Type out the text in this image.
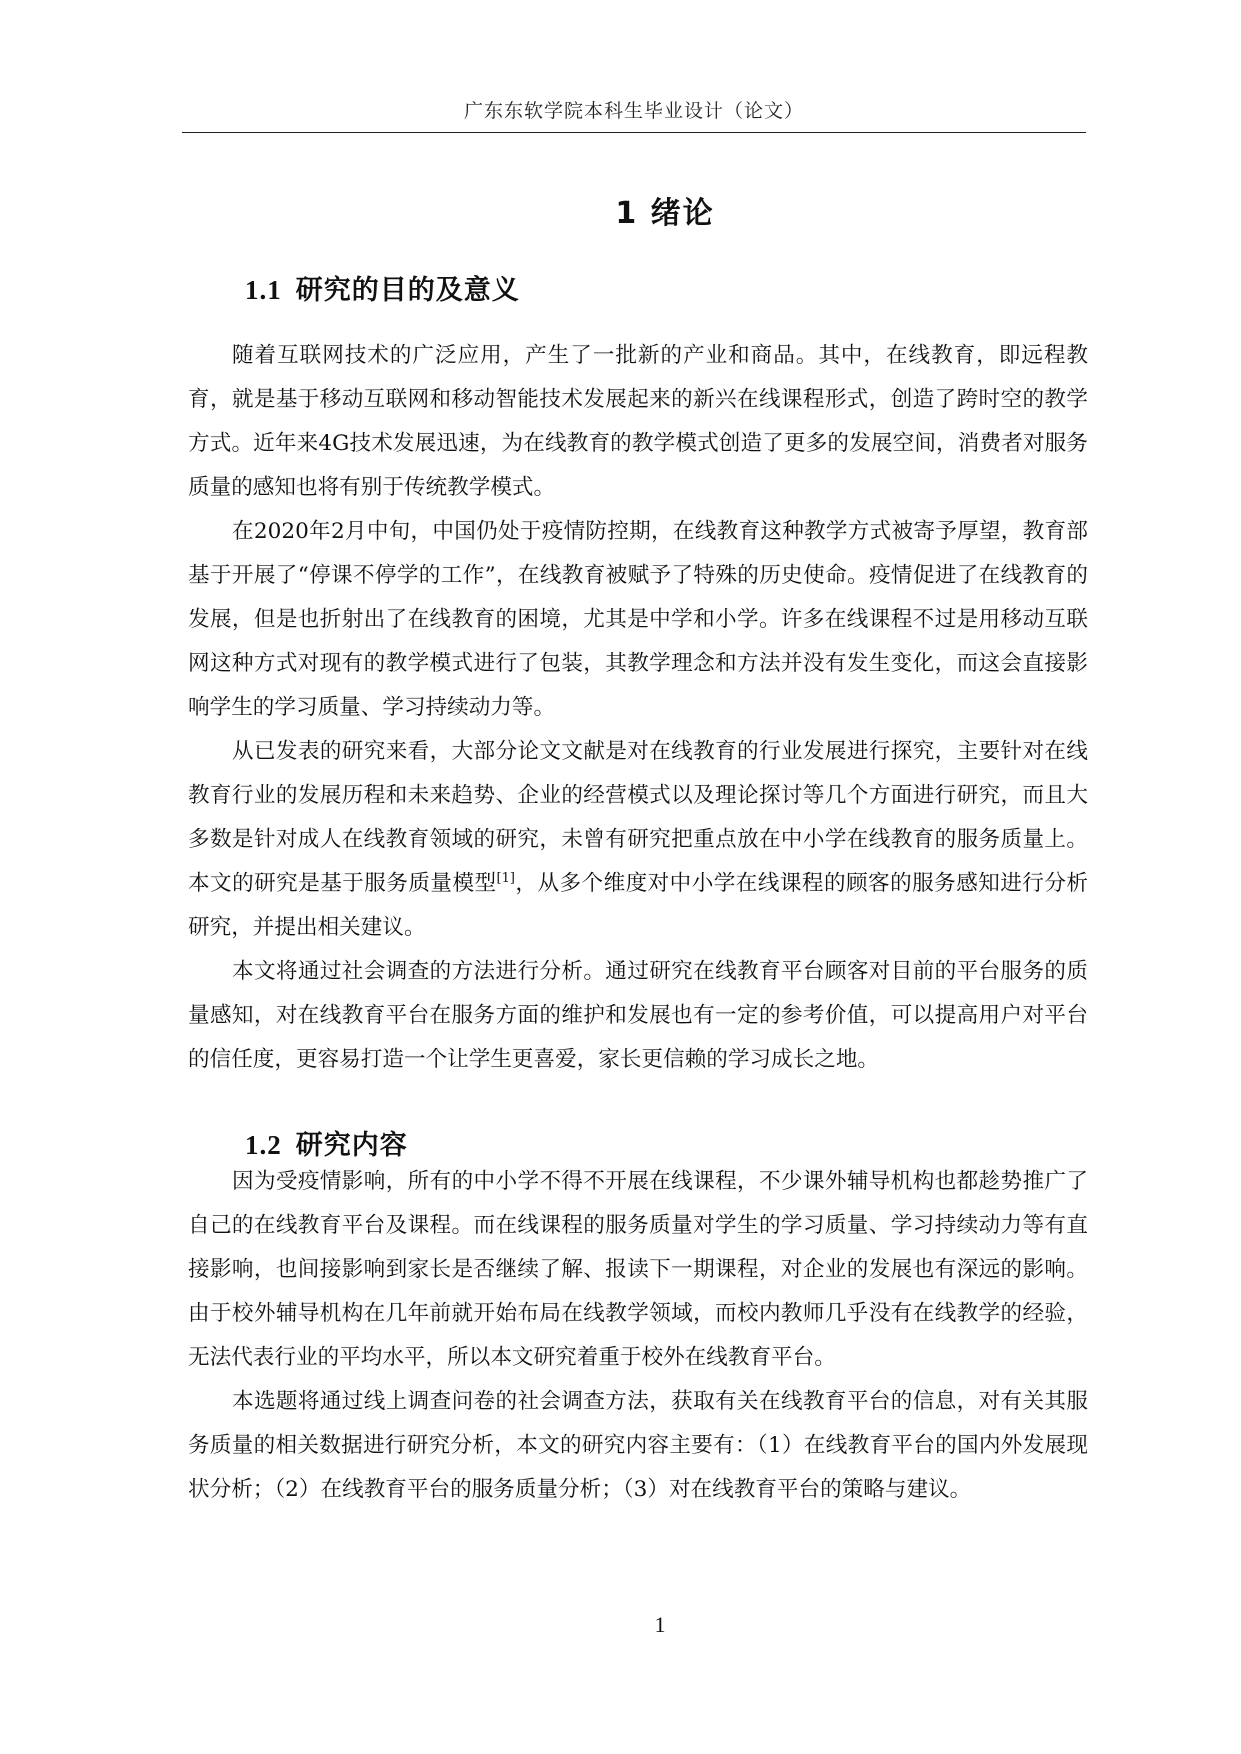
广东东软学院本科生毕业设计（论文）
1 绪论
1.1 研究的目的及意义

随着互联网技术的广泛应用，产生了一批新的产业和商品。其中，在线教育，即远程教育，就是基于移动互联网和移动智能技术发展起来的新兴在线课程形式，创造了跨时空的教学方式。近年来4G技术发展迅速，为在线教育的教学模式创造了更多的发展空间，消费者对服务质量的感知也将有别于传统教学模式。

在2020年2月中旬，中国仍处于疫情防控期，在线教育这种教学方式被寄予厚望，教育部基于开展了“停课不停学的工作”，在线教育被赋予了特殊的历史使命。疫情促进了在线教育的发展，但是也折射出了在线教育的困境，尤其是中学和小学。许多在线课程不过是用移动互联网这种方式对现有的教学模式进行了包装，其教学理念和方法并没有发生变化，而这会直接影响学生的学习质量、学习持续动力等。

从已发表的研究来看，大部分论文文献是对在线教育的行业发展进行探究，主要针对在线教育行业的发展历程和未来趋势、企业的经营模式以及理论探讨等几个方面进行研究，而且大多数是针对成人在线教育领域的研究，未曾有研究把重点放在中小学在线教育的服务质量上。本文的研究是基于服务质量模型[1]，从多个维度对中小学在线课程的顾客的服务感知进行分析研究，并提出相关建议。

本文将通过社会调查的方法进行分析。通过研究在线教育平台顾客对目前的平台服务的质量感知，对在线教育平台在服务方面的维护和发展也有一定的参考价值，可以提高用户对平台的信任度，更容易打造一个让学生更喜爱，家长更信赖的学习成长之地。

1.2 研究内容

因为受疫情影响，所有的中小学不得不开展在线课程，不少课外辅导机构也都趁势推广了自己的在线教育平台及课程。而在线课程的服务质量对学生的学习质量、学习持续动力等有直接影响，也间接影响到家长是否继续了解、报读下一期课程，对企业的发展也有深远的影响。由于校外辅导机构在几年前就开始布局在线教学领域，而校内教师几乎没有在线教学的经验，无法代表行业的平均水平，所以本文研究着重于校外在线教育平台。

本选题将通过线上调查问卷的社会调查方法，获取有关在线教育平台的信息，对有关其服务质量的相关数据进行研究分析，本文的研究内容主要有：（1）在线教育平台的国内外发展现状分析；（2）在线教育平台的服务质量分析；（3）对在线教育平台的策略与建议。

1
